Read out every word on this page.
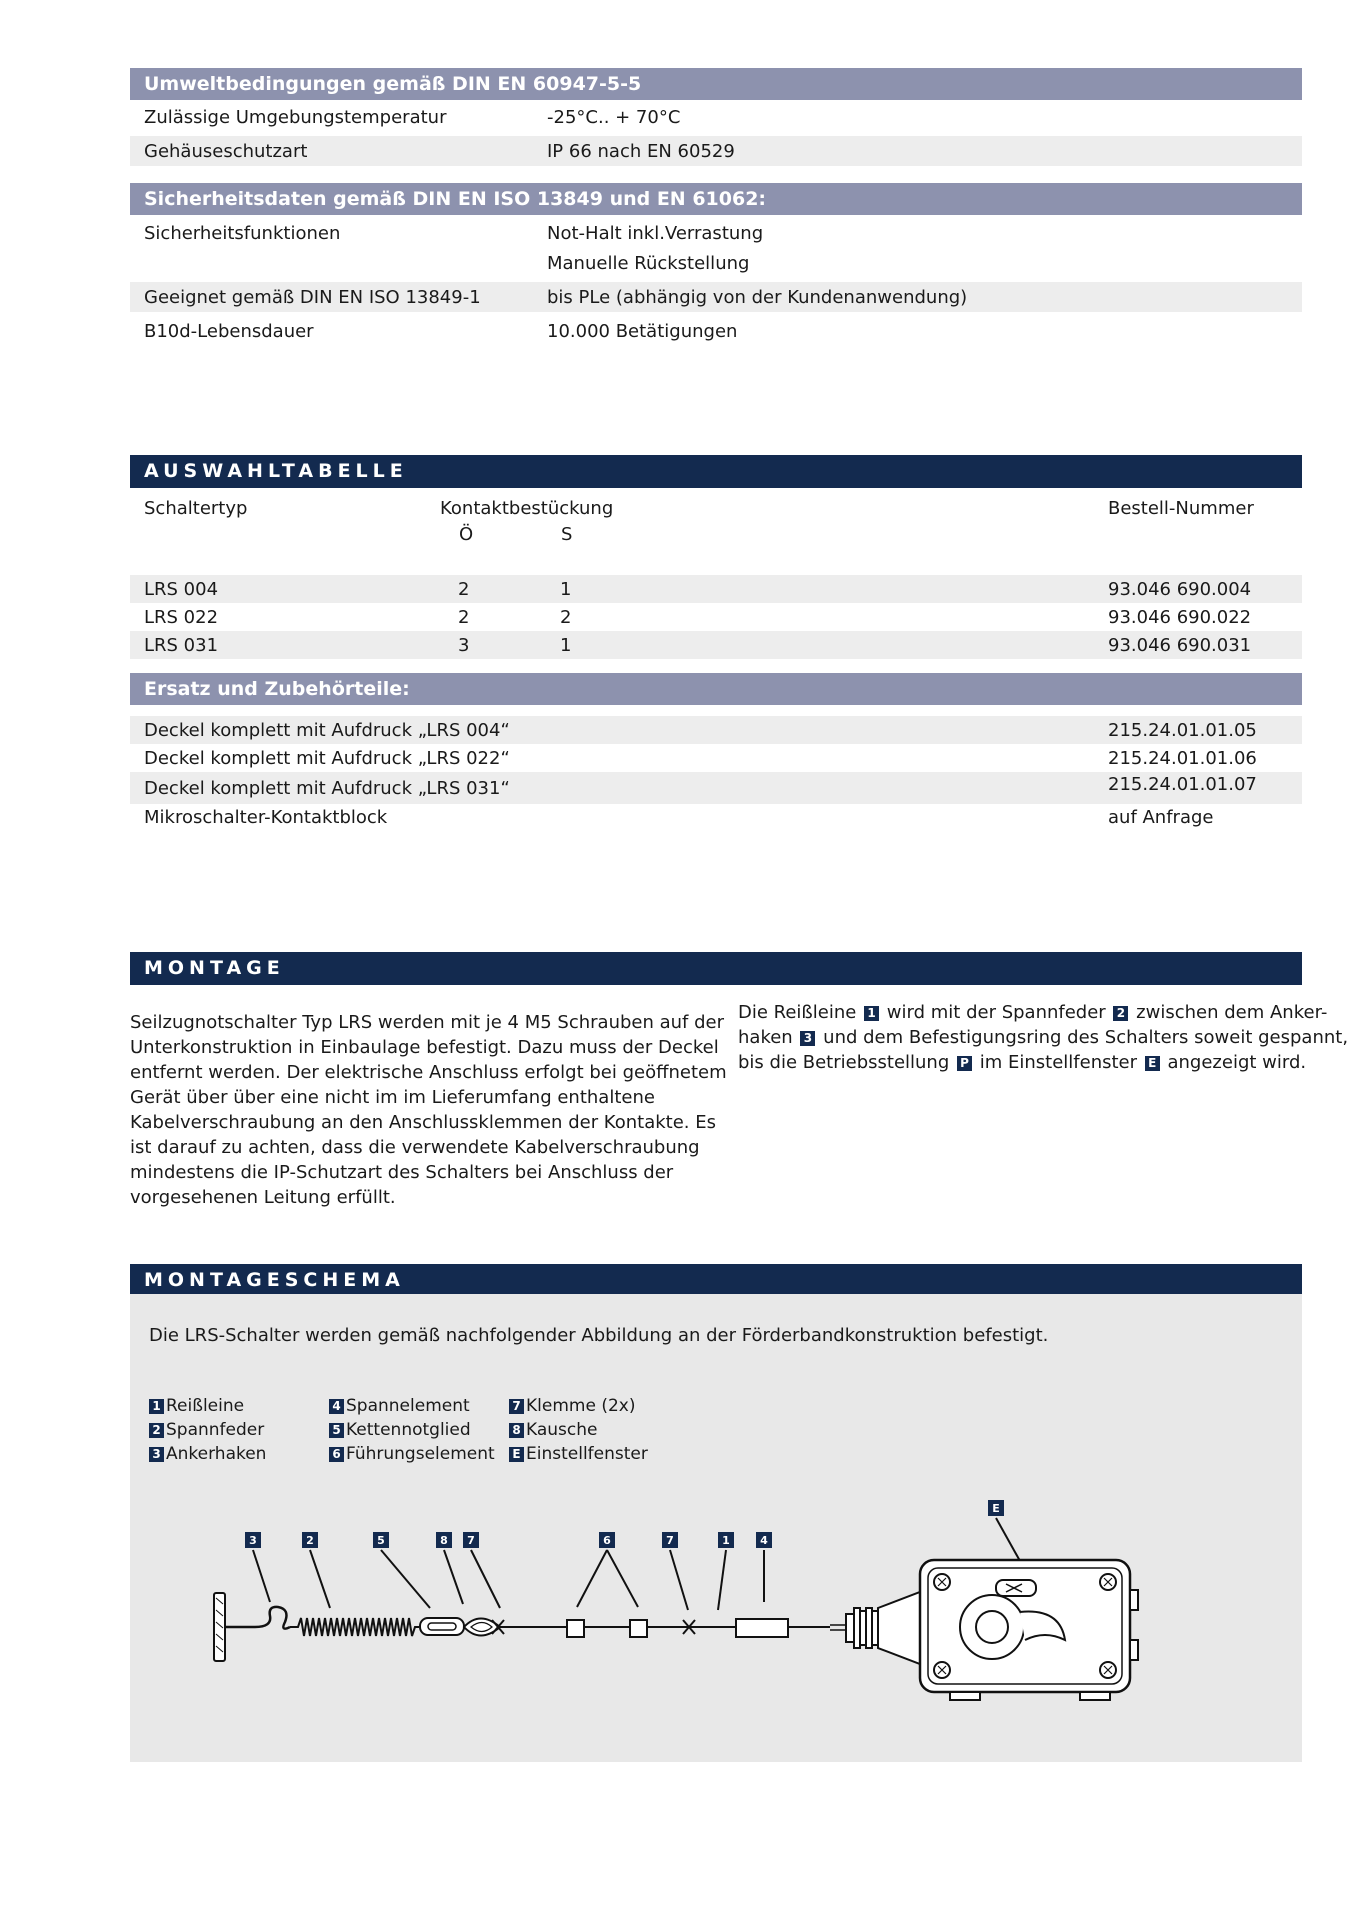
Umweltbedingungen gemäß DIN EN 60947-5-5
Zulässige Umgebungstemperatur	-25°C.. + 70°C
Gehäuseschutzart	IP 66 nach EN 60529
Sicherheitsdaten gemäß DIN EN ISO 13849 und EN 61062:
Sicherheitsfunktionen	Not-Halt inkl.Verrastung
Manuelle Rückstellung
Geeignet gemäß DIN EN ISO 13849-1	bis PLe (abhängig von der Kundenanwendung)
B10d-Lebensdauer	10.000 Betätigungen
AUSWAHLTABELLE
Schaltertyp	Kontaktbestückung
Ö	S
Bestell-Nummer
LRS 004	2	1	93.046 690.004
LRS 022	2	2	93.046 690.022
LRS 031	3	1	93.046 690.031
Ersatz und Zubehörteile:
Deckel komplett mit Aufdruck „LRS 004“	215.24.01.01.05
Deckel komplett mit Aufdruck „LRS 022“	215.24.01.01.06
Deckel komplett mit Aufdruck „LRS 031“	215.24.01.01.07
Mikroschalter-Kontaktblock	auf Anfrage
MONTAGE
Seilzugnotschalter Typ LRS werden mit je 4 M5 Schrauben auf der
Unterkonstruktion in Einbaulage befestigt. Dazu muss der Deckel
entfernt werden. Der elektrische Anschluss erfolgt bei geöffnetem
Gerät über über eine nicht im im Lieferumfang enthaltene
Kabelverschraubung an den Anschlussklemmen der Kontakte. Es
ist darauf zu achten, dass die verwendete Kabelverschraubung
mindestens die IP-Schutzart des Schalters bei Anschluss der
vorgesehenen Leitung erfüllt.
Die Reißleine 1 wird mit der Spannfeder 2 zwischen dem Anker-
haken 3 und dem Befestigungsring des Schalters soweit gespannt,
bis die Betriebsstellung P im Einstellfenster E angezeigt wird.
MONTAGESCHEMA
Die LRS-Schalter werden gemäß nachfolgender Abbildung an der Förderbandkonstruktion befestigt.
1 Reißleine
2 Spannfeder
3 Ankerhaken
4 Spannelement
5 Kettennotglied
6 Führungselement
7 Klemme (2x)
8 Kausche
E Einstellfenster
3	2	5	8 7	6	7	1	4
E
